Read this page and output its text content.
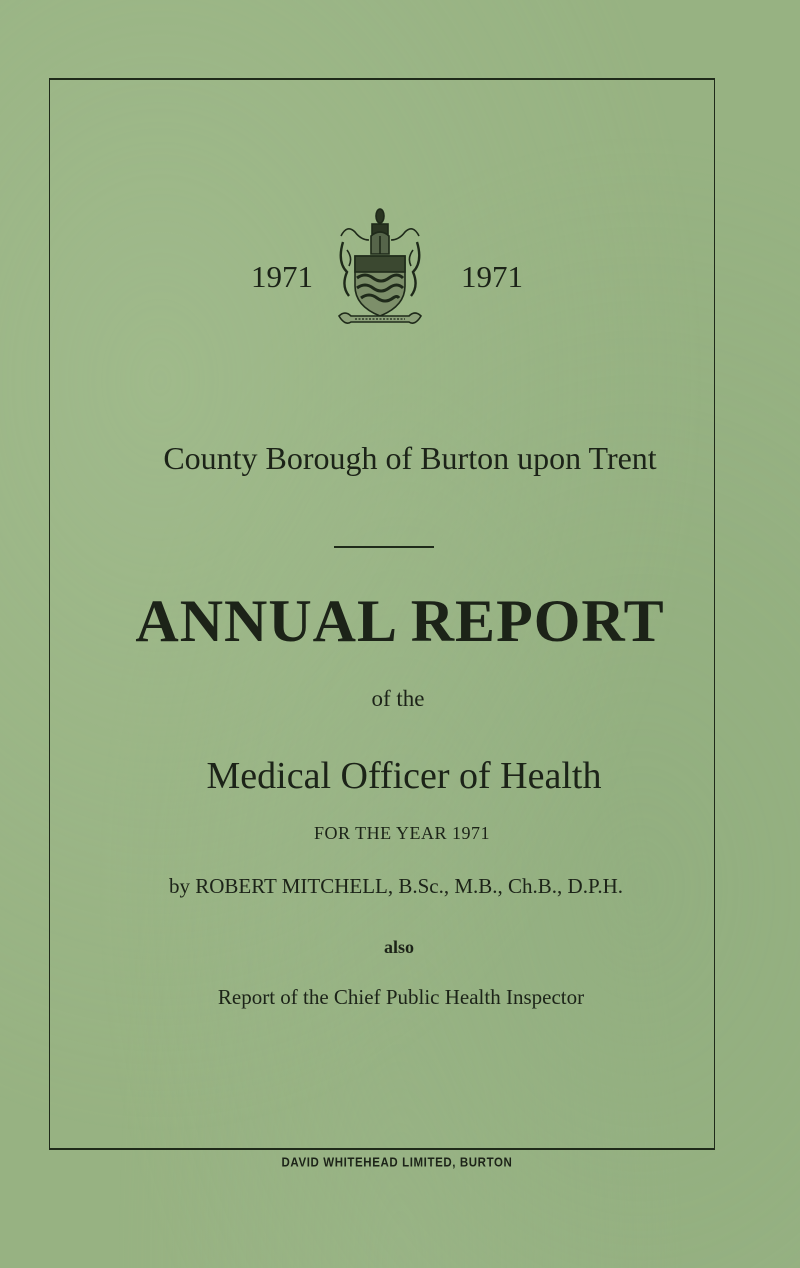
1971	1971
County Borough of Burton upon Trent
ANNUAL REPORT
of the
Medical Officer of Health
FOR THE YEAR 1971
by ROBERT MITCHELL, B.Sc., M.B., Ch.B., D.P.H.
also
Report of the Chief Public Health Inspector
DAVID WHITEHEAD LIMITED, BURTON
